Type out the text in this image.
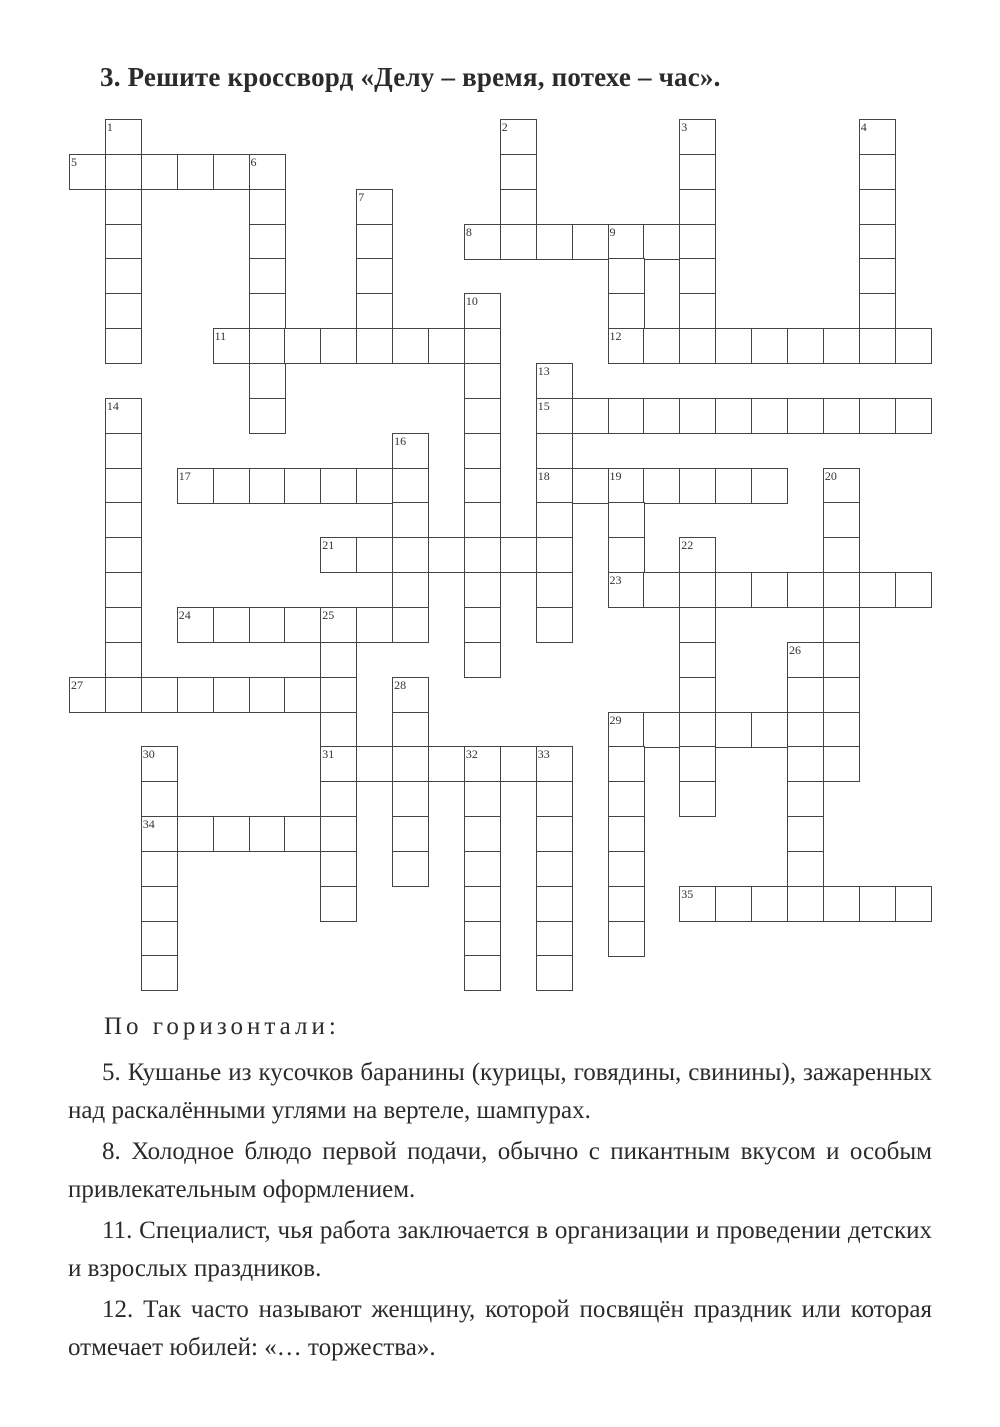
3. Решите кроссворд «Делу – время, потехе – час».
1	2	3	4
5	6
7
8	9
10
11	12
13
14	15
16
17	18	19	20
21	22
23
24	25
26
27	28
29
30	31	32	33
34
35
По горизонтали:

5. Кушанье из кусочков баранины (курицы, говядины, свинины), зажаренных над раскалёнными углями на вертеле, шампурах.

8. Холодное блюдо первой подачи, обычно с пикантным вкусом и особым привлекательным оформлением.

11. Специалист, чья работа заключается в организации и проведении детских и взрослых праздников.

12. Так часто называют женщину, которой посвящён праздник или которая отмечает юбилей: «… торжества».
